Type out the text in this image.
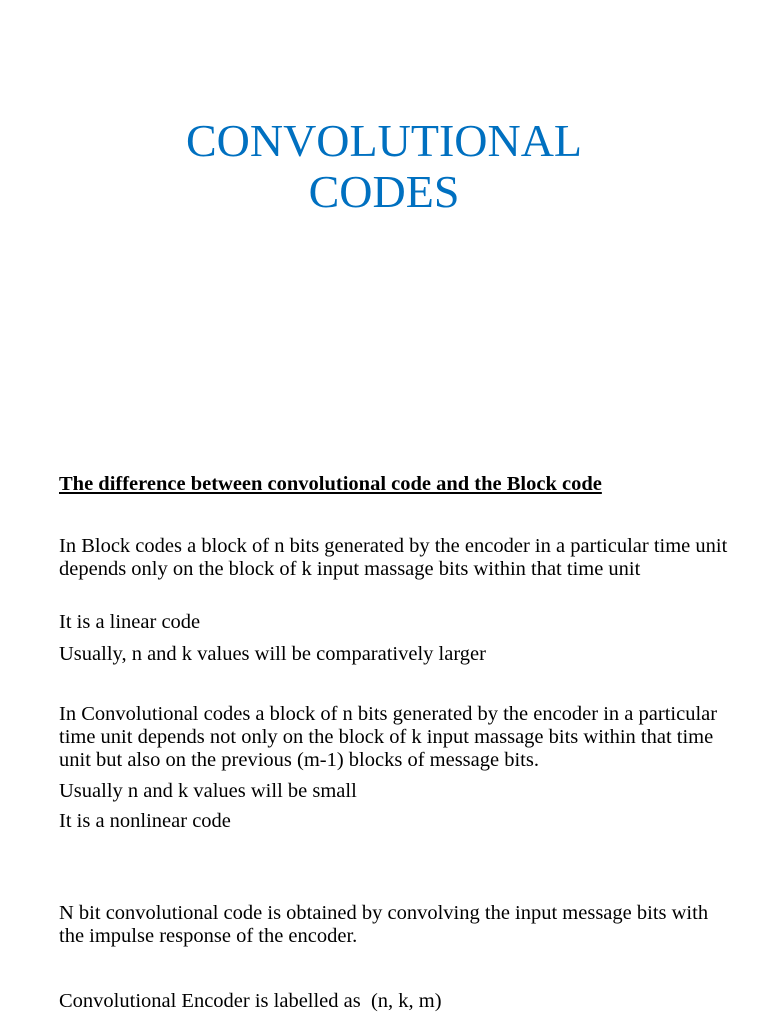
CONVOLUTIONAL
CODES
The difference between convolutional code and the Block code

In Block codes a block of n bits generated by the encoder in a particular time unit depends only on the block of k input massage bits within that time unit

It is a linear code

Usually, n and k values will be comparatively larger

In Convolutional codes a block of n bits generated by the encoder in a particular time unit depends not only on the block of k input massage bits within that time unit but also on the previous (m-1) blocks of message bits.

Usually n and k values will be small

It is a nonlinear code

N bit convolutional code is obtained by convolving the input message bits with the impulse response of the encoder.

Convolutional Encoder is labelled as  (n, k, m)
